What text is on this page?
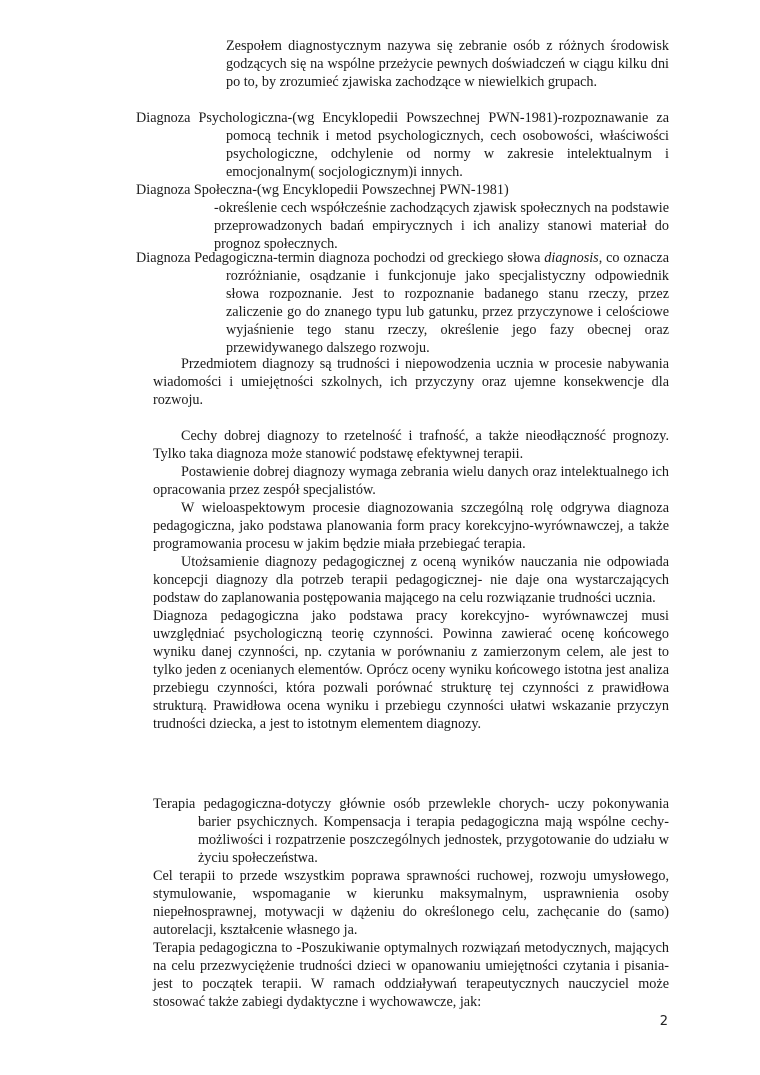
Zespołem diagnostycznym nazywa się zebranie osób z różnych środowisk godzących się na wspólne przeżycie pewnych doświadczeń w ciągu kilku dni po to, by zrozumieć zjawiska zachodzące w niewielkich grupach.

Diagnoza Psychologiczna-(wg Encyklopedii Powszechnej PWN-1981)-rozpoznawanie za pomocą technik i metod psychologicznych, cech osobowości, właściwości psychologiczne, odchylenie od normy w zakresie intelektualnym i emocjonalnym( socjologicznym)i innych.

Diagnoza Społeczna-(wg Encyklopedii Powszechnej PWN-1981)

-określenie cech współcześnie zachodzących zjawisk społecznych na podstawie przeprowadzonych badań empirycznych i ich analizy stanowi materiał do prognoz społecznych.

Diagnoza Pedagogiczna-termin diagnoza pochodzi od greckiego słowa diagnosis, co oznacza rozróżnianie, osądzanie i funkcjonuje jako specjalistyczny odpowiednik słowa rozpoznanie. Jest to rozpoznanie badanego stanu rzeczy, przez zaliczenie go do znanego typu lub gatunku, przez przyczynowe i celościowe wyjaśnienie tego stanu rzeczy, określenie jego fazy obecnej oraz przewidywanego dalszego rozwoju.

Przedmiotem diagnozy są trudności i niepowodzenia ucznia w procesie nabywania wiadomości i umiejętności szkolnych, ich przyczyny oraz ujemne konsekwencje dla rozwoju.

Cechy dobrej diagnozy to rzetelność i trafność, a także nieodłączność prognozy. Tylko taka diagnoza może stanowić podstawę efektywnej terapii.

Postawienie dobrej diagnozy wymaga zebrania wielu danych oraz intelektualnego ich opracowania przez zespół specjalistów.

W wieloaspektowym procesie diagnozowania szczególną rolę odgrywa diagnoza pedagogiczna, jako podstawa planowania form pracy korekcyjno-wyrównawczej, a także programowania procesu w jakim będzie miała przebiegać terapia.

Utożsamienie diagnozy pedagogicznej z oceną wyników nauczania nie odpowiada koncepcji diagnozy dla potrzeb terapii pedagogicznej- nie daje ona wystarczających podstaw do zaplanowania postępowania mającego na celu rozwiązanie trudności ucznia.

Diagnoza pedagogiczna jako podstawa pracy korekcyjno- wyrównawczej musi uwzględniać psychologiczną teorię czynności. Powinna zawierać ocenę końcowego wyniku danej czynności, np. czytania w porównaniu z zamierzonym celem, ale jest to tylko jeden z ocenianych elementów. Oprócz oceny wyniku końcowego istotna jest analiza przebiegu czynności, która pozwali porównać strukturę tej czynności z prawidłowa strukturą. Prawidłowa ocena wyniku i przebiegu czynności ułatwi wskazanie przyczyn trudności dziecka, a jest to istotnym elementem diagnozy.

Terapia pedagogiczna-dotyczy głównie osób przewlekle chorych- uczy pokonywania barier psychicznych. Kompensacja i terapia pedagogiczna mają wspólne cechy- możliwości i rozpatrzenie poszczególnych jednostek, przygotowanie do udziału w życiu społeczeństwa.

Cel terapii to przede wszystkim poprawa sprawności ruchowej, rozwoju umysłowego, stymulowanie, wspomaganie w kierunku maksymalnym, usprawnienia osoby niepełnosprawnej, motywacji w dążeniu do określonego celu, zachęcanie do (samo) autorelacji, kształcenie własnego ja.

Terapia pedagogiczna to -Poszukiwanie optymalnych rozwiązań metodycznych, mających na celu przezwyciężenie trudności dzieci w opanowaniu umiejętności czytania i pisania-jest to początek terapii. W ramach oddziaływań terapeutycznych nauczyciel może stosować także zabiegi dydaktyczne i wychowawcze, jak:

2
